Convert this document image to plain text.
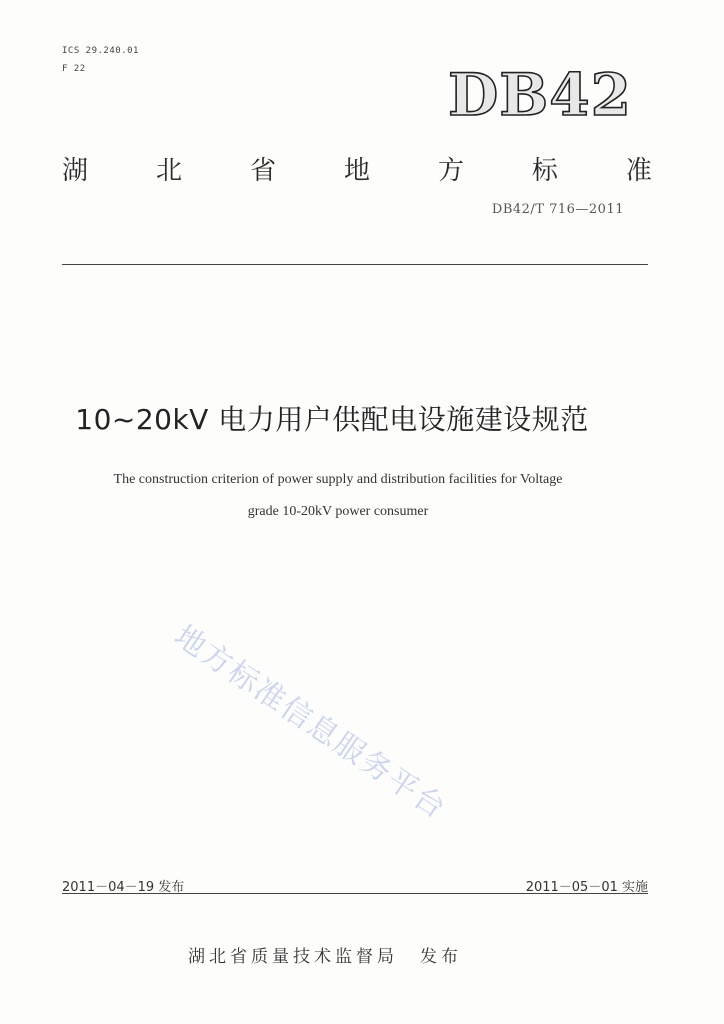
ICS 29.240.01
F 22	DB42
湖	北	省	地	方	标	准
DB42/T 716—2011
10~20kV 电力用户供配电设施建设规范
The construction criterion of power supply and distribution facilities for Voltage
grade 10-20kV power consumer
地方标准信息服务平台
2011－04－19 发布	2011－05－01 实施
湖北省质量技术监督局 发布
